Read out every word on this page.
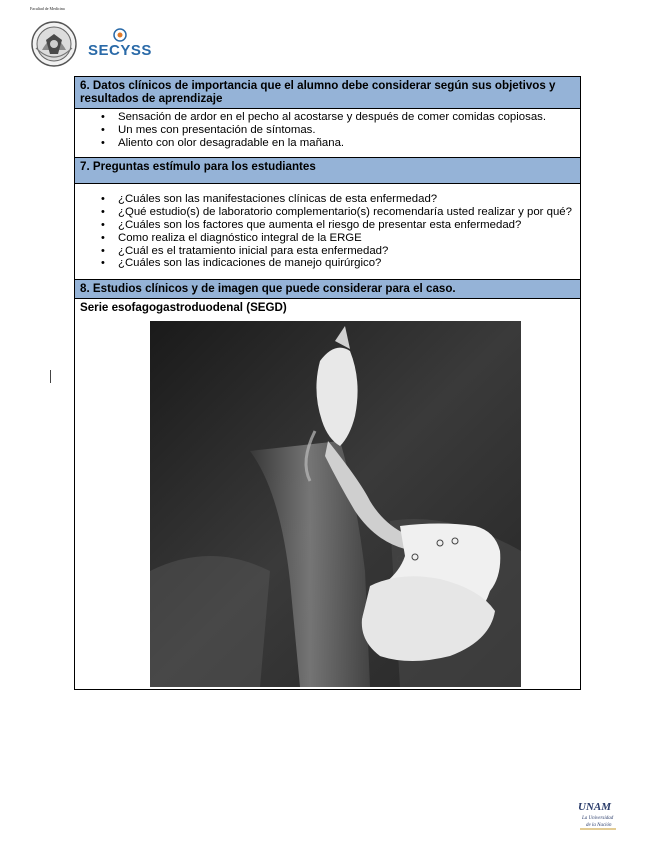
Facultad de Medicina
SECYSS
6. Datos clínicos de importancia que el alumno debe considerar según sus objetivos y resultados de aprendizaje

• Sensación de ardor en el pecho al acostarse y después de comer comidas copiosas.
• Un mes con presentación de síntomas.
• Aliento con olor desagradable en la mañana.

7. Preguntas estímulo para los estudiantes

• ¿Cuáles son las manifestaciones clínicas de esta enfermedad?
• ¿Qué estudio(s) de laboratorio complementario(s) recomendaría usted realizar y por qué?
• ¿Cuáles son los factores que aumenta el riesgo de presentar esta enfermedad?
• Como realiza el diagnóstico integral de la ERGE
• ¿Cuál es el tratamiento inicial para esta enfermedad?
• ¿Cuáles son las indicaciones de manejo quirúrgico?

8. Estudios clínicos y de imagen que puede considerar para el caso.

Serie esofagogastroduodenal (SEGD)
UNAM
La Universidad
de la Nación
